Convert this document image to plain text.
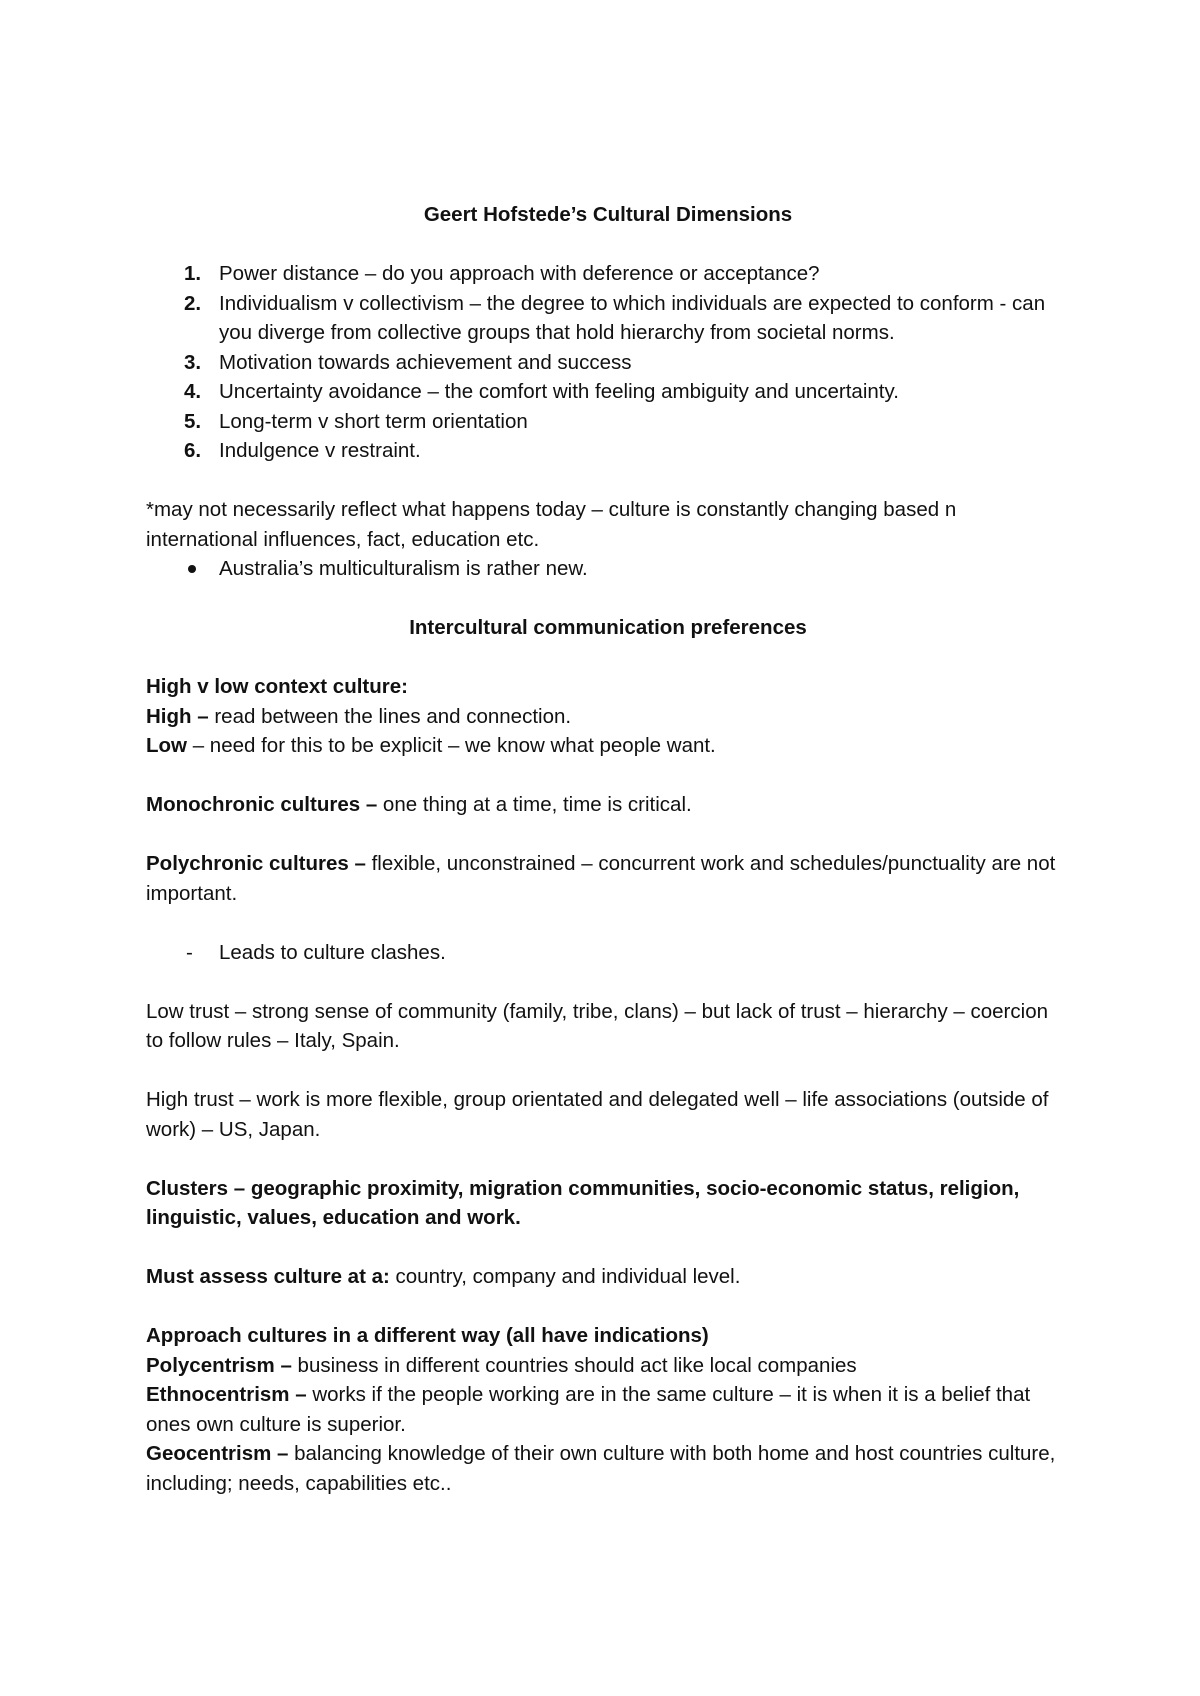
Geert Hofstede’s Cultural Dimensions

1. Power distance – do you approach with deference or acceptance?
2. Individualism v collectivism – the degree to which individuals are expected to conform - can you diverge from collective groups that hold hierarchy from societal norms.
3. Motivation towards achievement and success
4. Uncertainty avoidance – the comfort with feeling ambiguity and uncertainty.
5. Long-term v short term orientation
6. Indulgence v restraint.

*may not necessarily reflect what happens today – culture is constantly changing based n international influences, fact, education etc.

Australia’s multiculturalism is rather new.

Intercultural communication preferences

High v low context culture:

High – read between the lines and connection.

Low – need for this to be explicit – we know what people want.

Monochronic cultures – one thing at a time, time is critical.

Polychronic cultures – flexible, unconstrained – concurrent work and schedules/punctuality are not important.

- Leads to culture clashes.

Low trust – strong sense of community (family, tribe, clans) – but lack of trust – hierarchy – coercion to follow rules – Italy, Spain.

High trust – work is more flexible, group orientated and delegated well – life associations (outside of work) – US, Japan.

Clusters – geographic proximity, migration communities, socio-economic status, religion, linguistic, values, education and work.

Must assess culture at a: country, company and individual level.

Approach cultures in a different way (all have indications)

Polycentrism – business in different countries should act like local companies

Ethnocentrism – works if the people working are in the same culture – it is when it is a belief that ones own culture is superior.

Geocentrism – balancing knowledge of their own culture with both home and host countries culture, including; needs, capabilities etc..
